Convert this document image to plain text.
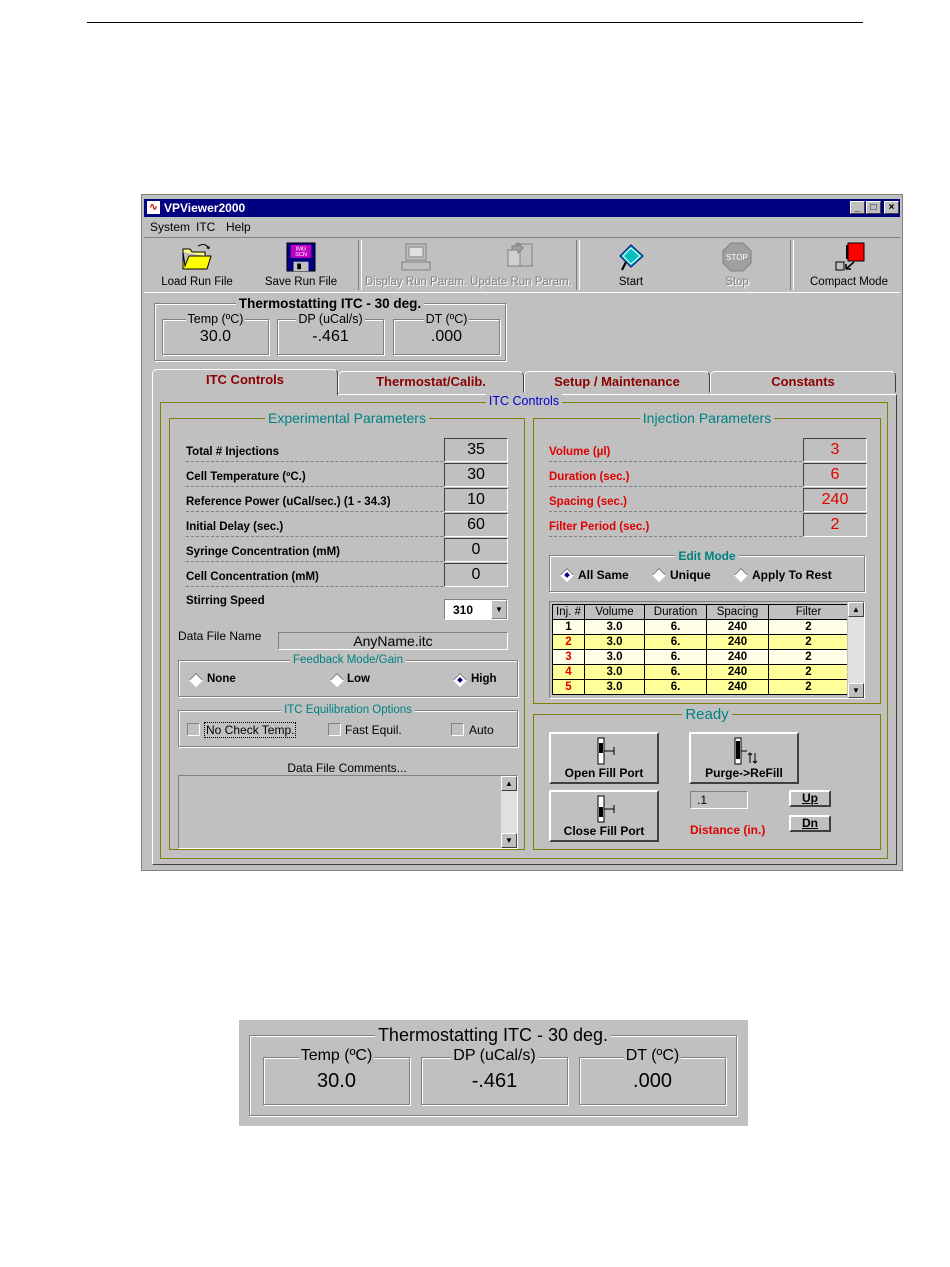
∿ VPViewer2000	_	□	×
System ITC Help
Load Run File
IMG
SCN
Save Run File	Display Run Param. Update Run Param.	Start
STOP
Stop	Compact Mode
Thermostatting ITC - 30 deg.
Temp (ºC)
30.0
DP (uCal/s)
-.461
DT (ºC)
.000
ITC Controls	Thermostat/Calib.	Setup / Maintenance	Constants
ITC Controls
Experimental Parameters
Total # Injections	35
Cell Temperature (ºC.)	30
Reference Power (uCal/sec.) (1 - 34.3)	10
Initial Delay (sec.)	60
Syringe Concentration (mM)	0
Cell Concentration (mM)	0
Stirring Speed
310	▼
Data File Name	AnyName.itc
Feedback Mode/Gain
None	Low	High
ITC Equilibration Options
No Check Temp.	Fast Equil.	Auto
Data File Comments...
▲
▼
Injection Parameters
Volume (µl)	3
Duration (sec.)	6
Spacing (sec.)	240
Filter Period (sec.)	2
Edit Mode
All Same	Unique	Apply To Rest
Inj. #	Volume	Duration	Spacing	Filter
1	3.0	6.	240	2
2	3.0	6.	240	2
3	3.0	6.	240	2
4	3.0	6.	240	2
5	3.0	6.	240	2
▲
▼
Ready
Open Fill Port	Purge->ReFill
Close Fill Port
.1
Distance (in.)
Up
Dn
Thermostatting ITC - 30 deg.
Temp (ºC)
30.0
DP (uCal/s)
-.461
DT (ºC)
.000
